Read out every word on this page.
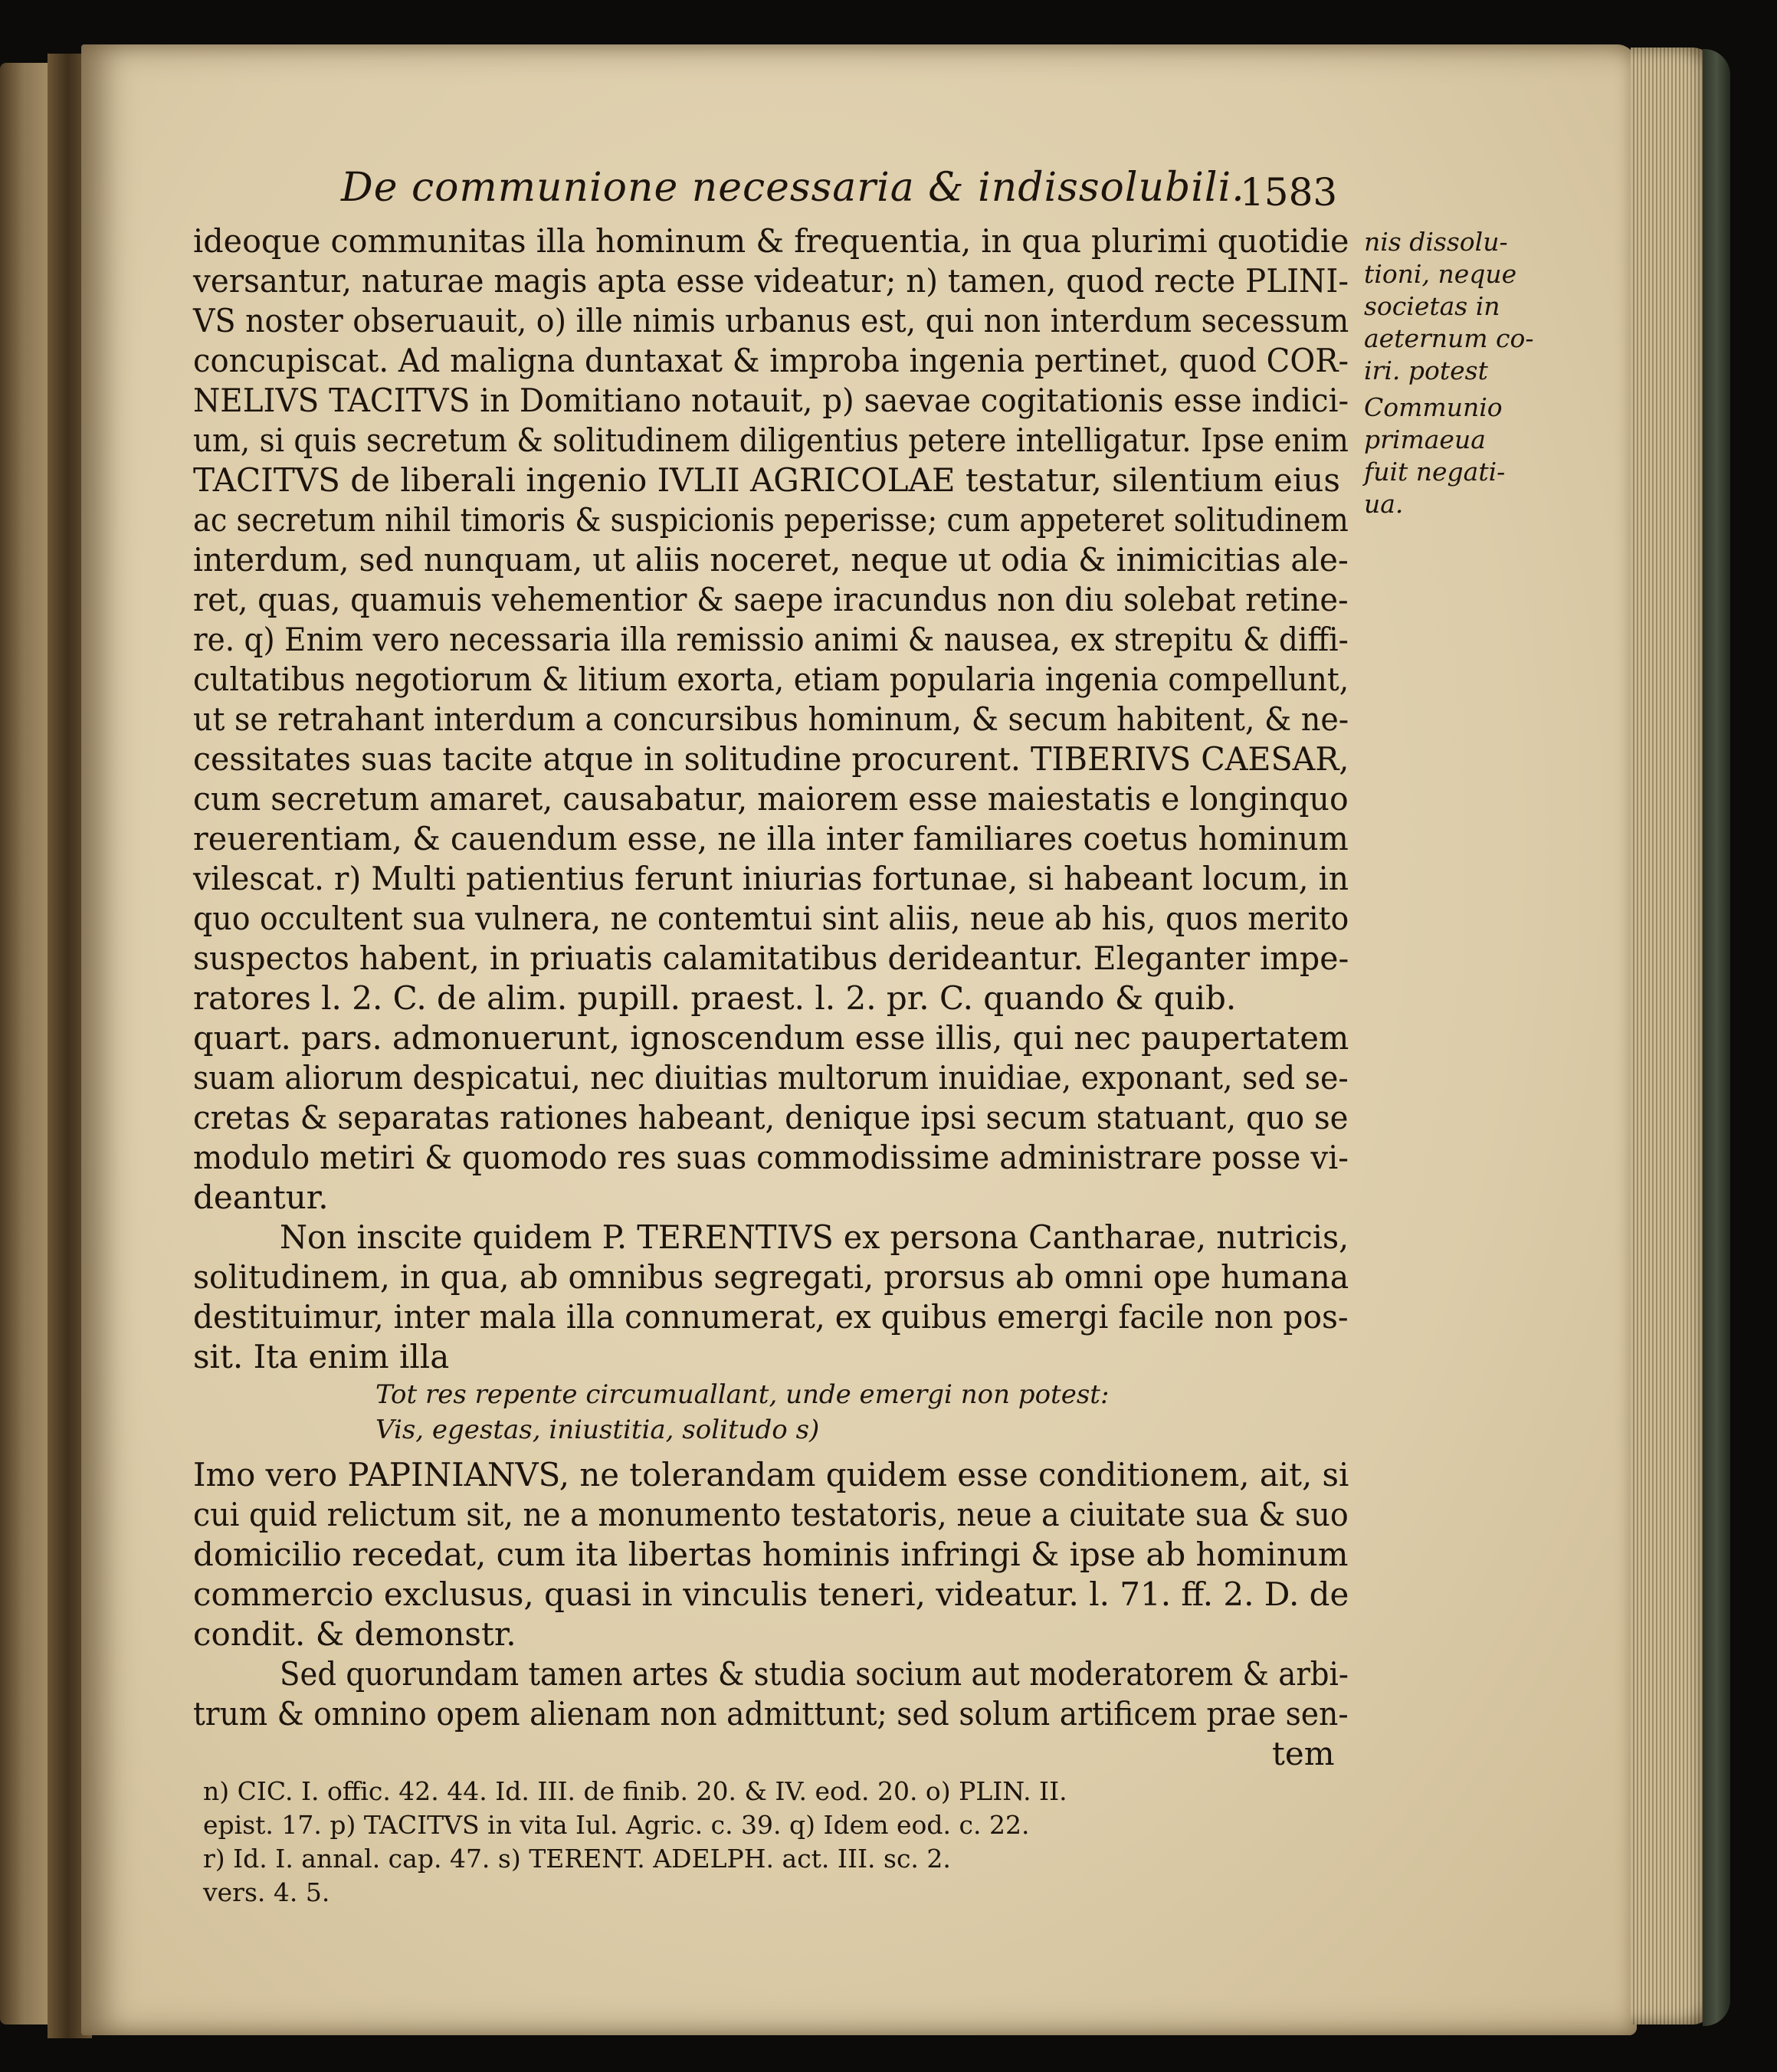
De communione necessaria & indissolubili.
1583
ideoque communitas illa hominum & frequentia, in qua plurimi quotidie
versantur, naturae magis apta esse videatur; n) tamen, quod recte PLINI-
VS noster obseruauit, o) ille nimis urbanus est, qui non interdum secessum
concupiscat. Ad maligna duntaxat & improba ingenia pertinet, quod COR-
NELIVS TACITVS in Domitiano notauit, p) saevae cogitationis esse indici-
um, si quis secretum & solitudinem diligentius petere intelligatur. Ipse enim
TACITVS de liberali ingenio IVLII AGRICOLAE testatur, silentium eius
ac secretum nihil timoris & suspicionis peperisse; cum appeteret solitudinem
interdum, sed nunquam, ut aliis noceret, neque ut odia & inimicitias ale-
ret, quas, quamuis vehementior & saepe iracundus non diu solebat retine-
re. q) Enim vero necessaria illa remissio animi & nausea, ex strepitu & diffi-
cultatibus negotiorum & litium exorta, etiam popularia ingenia compellunt,
ut se retrahant interdum a concursibus hominum, & secum habitent, & ne-
cessitates suas tacite atque in solitudine procurent. TIBERIVS CAESAR,
cum secretum amaret, causabatur, maiorem esse maiestatis e longinquo
reuerentiam, & cauendum esse, ne illa inter familiares coetus hominum
vilescat. r) Multi patientius ferunt iniurias fortunae, si habeant locum, in
quo occultent sua vulnera, ne contemtui sint aliis, neue ab his, quos merito
suspectos habent, in priuatis calamitatibus derideantur. Eleganter impe-
ratores l. 2. C. de alim. pupill. praest. l. 2. pr. C. quando & quib.
quart. pars. admonuerunt, ignoscendum esse illis, qui nec paupertatem
suam aliorum despicatui, nec diuitias multorum inuidiae, exponant, sed se-
cretas & separatas rationes habeant, denique ipsi secum statuant, quo se
modulo metiri & quomodo res suas commodissime administrare posse vi-
deantur.
Non inscite quidem P. TERENTIVS ex persona Cantharae, nutricis,
solitudinem, in qua, ab omnibus segregati, prorsus ab omni ope humana
destituimur, inter mala illa connumerat, ex quibus emergi facile non pos-
sit. Ita enim illa
Tot res repente circumuallant, unde emergi non potest:
Vis, egestas, iniustitia, solitudo s)
Imo vero PAPINIANVS, ne tolerandam quidem esse conditionem, ait, si
cui quid relictum sit, ne a monumento testatoris, neue a ciuitate sua & suo
domicilio recedat, cum ita libertas hominis infringi & ipse ab hominum
commercio exclusus, quasi in vinculis teneri, videatur. l. 71. ff. 2. D. de
condit. & demonstr.
Sed quorundam tamen artes & studia socium aut moderatorem & arbi-
trum & omnino opem alienam non admittunt; sed solum artificem prae sen-
tem
nis dissolu-
tioni, neque
societas in
aeternum co-
iri. potest
Communio
primaeua
fuit negati-
ua.
n) CIC. I. offic. 42. 44. Id. III. de finib. 20. & IV. eod. 20. o) PLIN. II.
epist. 17. p) TACITVS in vita Iul. Agric. c. 39. q) Idem eod. c. 22.
r) Id. I. annal. cap. 47. s) TERENT. ADELPH. act. III. sc. 2.
vers. 4. 5.
